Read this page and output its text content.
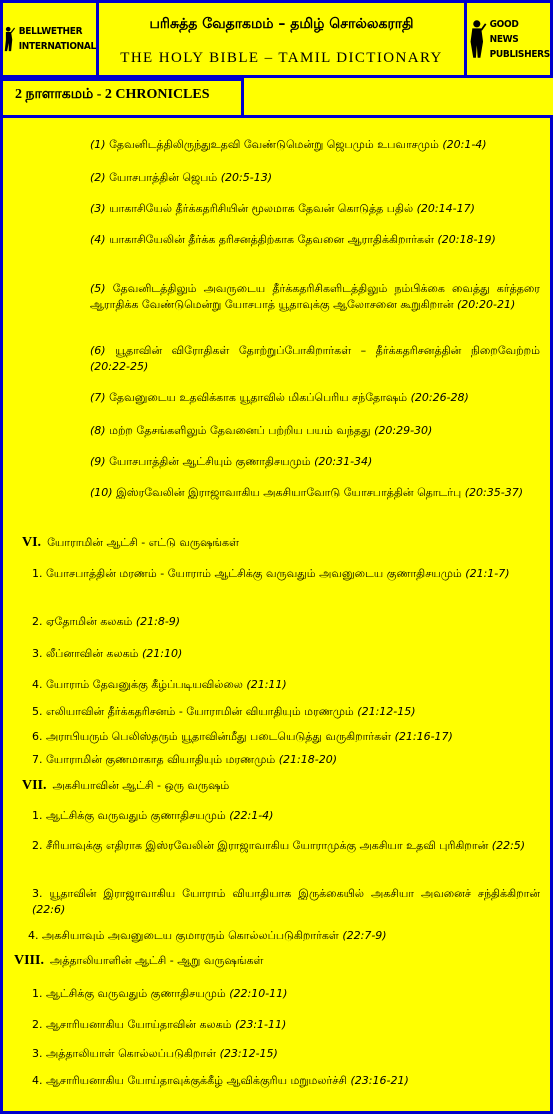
BELLWETHER
INTERNATIONAL
பரிசுத்த வேதாகமம் – தமிழ் சொல்லகராதி
THE HOLY BIBLE – TAMIL DICTIONARY
GOOD NEWS
PUBLISHERS
2 நாளாகமம் - 2 CHRONICLES
(1) தேவனிடத்திலிருந்துஉதவி வேண்டுமென்று ஜெபமும் உபவாசமும் (20:1-4)
(2) யோசபாத்தின் ஜெபம் (20:5-13)
(3) யாகாசியேல் தீர்க்கதரிசியின் மூலமாக தேவன் கொடுத்த பதில் (20:14-17)
(4) யாகாசியேலின் தீர்க்க தரிசனத்திற்காக தேவனை ஆராதிக்கிறார்கள் (20:18-19)
(5) தேவனிடத்திலும் அவருடைய தீர்க்கதரிசிகளிடத்திலும் நம்பிக்கை வைத்து கர்த்தரை ஆராதிக்க வேண்டுமென்று யோசபாத் யூதாவுக்கு ஆலோசனை கூறுகிறான் (20:20-21)
(6) யூதாவின் விரோதிகள் தோற்றுப்போகிறார்கள் – தீர்க்கதரிசனத்தின் நிறைவேற்றம் (20:22-25)
(7) தேவனுடைய உதவிக்காக யூதாவில் மிகப்பெரிய சந்தோஷம் (20:26-28)
(8) மற்ற தேசங்களிலும் தேவனைப் பற்றிய பயம் வந்தது (20:29-30)
(9) யோசபாத்தின் ஆட்சியும் குணாதிசயமும் (20:31-34)
(10) இஸ்ரவேலின் இராஜாவாகிய அகசியாவோடு யோசபாத்தின் தொடர்பு (20:35-37)
VI. யோராமின் ஆட்சி - எட்டு வருஷங்கள்
1. யோசபாத்தின் மரணம் - யோராம் ஆட்சிக்கு வருவதும் அவனுடைய குணாதிசயமும் (21:1-7)
2. ஏதோமின் கலகம் (21:8-9)
3. லீப்னாவின் கலகம் (21:10)
4. யோராம் தேவனுக்கு கீழ்ப்படியவில்லை (21:11)
5. எலியாவின் தீர்க்கதரிசனம் - யோராமின் வியாதியும் மரணமும் (21:12-15)
6. அராபியரும் பெலிஸ்தரும் யூதாவின்மீது படையெடுத்து வருகிறார்கள் (21:16-17)
7. யோராமின் குணமாகாத வியாதியும் மரணமும் (21:18-20)
VII. அகசியாவின் ஆட்சி - ஒரு வருஷம்
1. ஆட்சிக்கு வருவதும் குணாதிசயமும் (22:1-4)
2. சீரியாவுக்கு எதிராக இஸ்ரவேலின் இராஜாவாகிய யோராமுக்கு அகசியா உதவி புரிகிறான் (22:5)
3. யூதாவின் இராஜாவாகிய யோராம் வியாதியாக இருக்கையில் அகசியா அவனைச் சந்திக்கிறான் (22:6)
4. அகசியாவும் அவனுடைய குமாரரும் கொல்லப்படுகிறார்கள் (22:7-9)
VIII. அத்தாலியாளின் ஆட்சி - ஆறு வருஷங்கள்
1. ஆட்சிக்கு வருவதும் குணாதிசயமும் (22:10-11)
2. ஆசாரியனாகிய யோய்தாவின் கலகம் (23:1-11)
3. அத்தாலியாள் கொல்லப்படுகிறாள் (23:12-15)
4. ஆசாரியனாகிய யோய்தாவுக்குக்கீழ் ஆவிக்குரிய மறுமலர்ச்சி (23:16-21)
